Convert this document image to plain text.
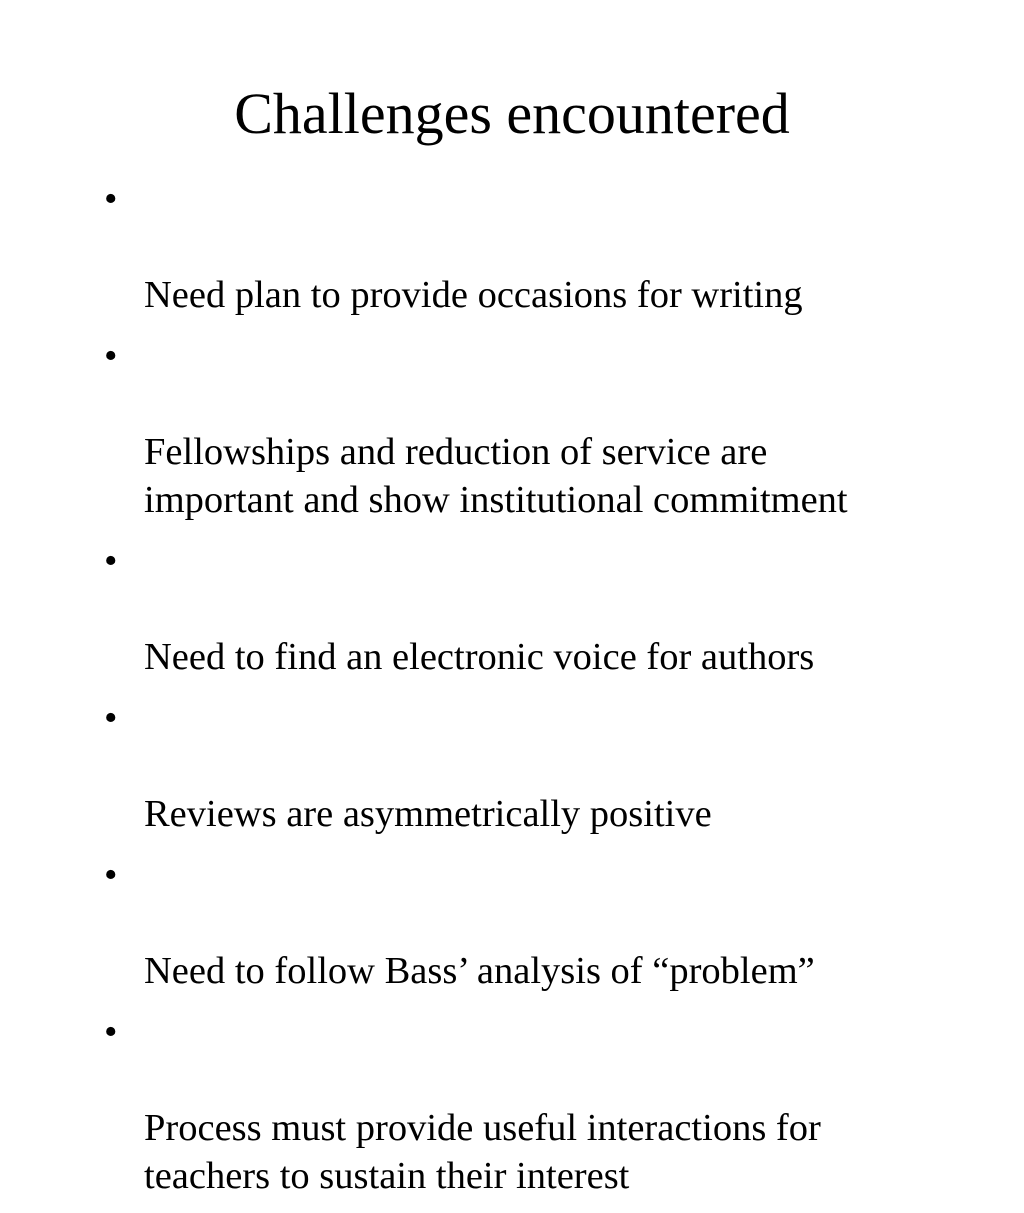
Challenges encountered

•

Need plan to provide occasions for writing

•

Fellowships and reduction of service are
important and show institutional commitment

•

Need to find an electronic voice for authors

•

Reviews are asymmetrically positive

•

Need to follow Bass’ analysis of “problem”

•

Process must provide useful interactions for
teachers to sustain their interest
